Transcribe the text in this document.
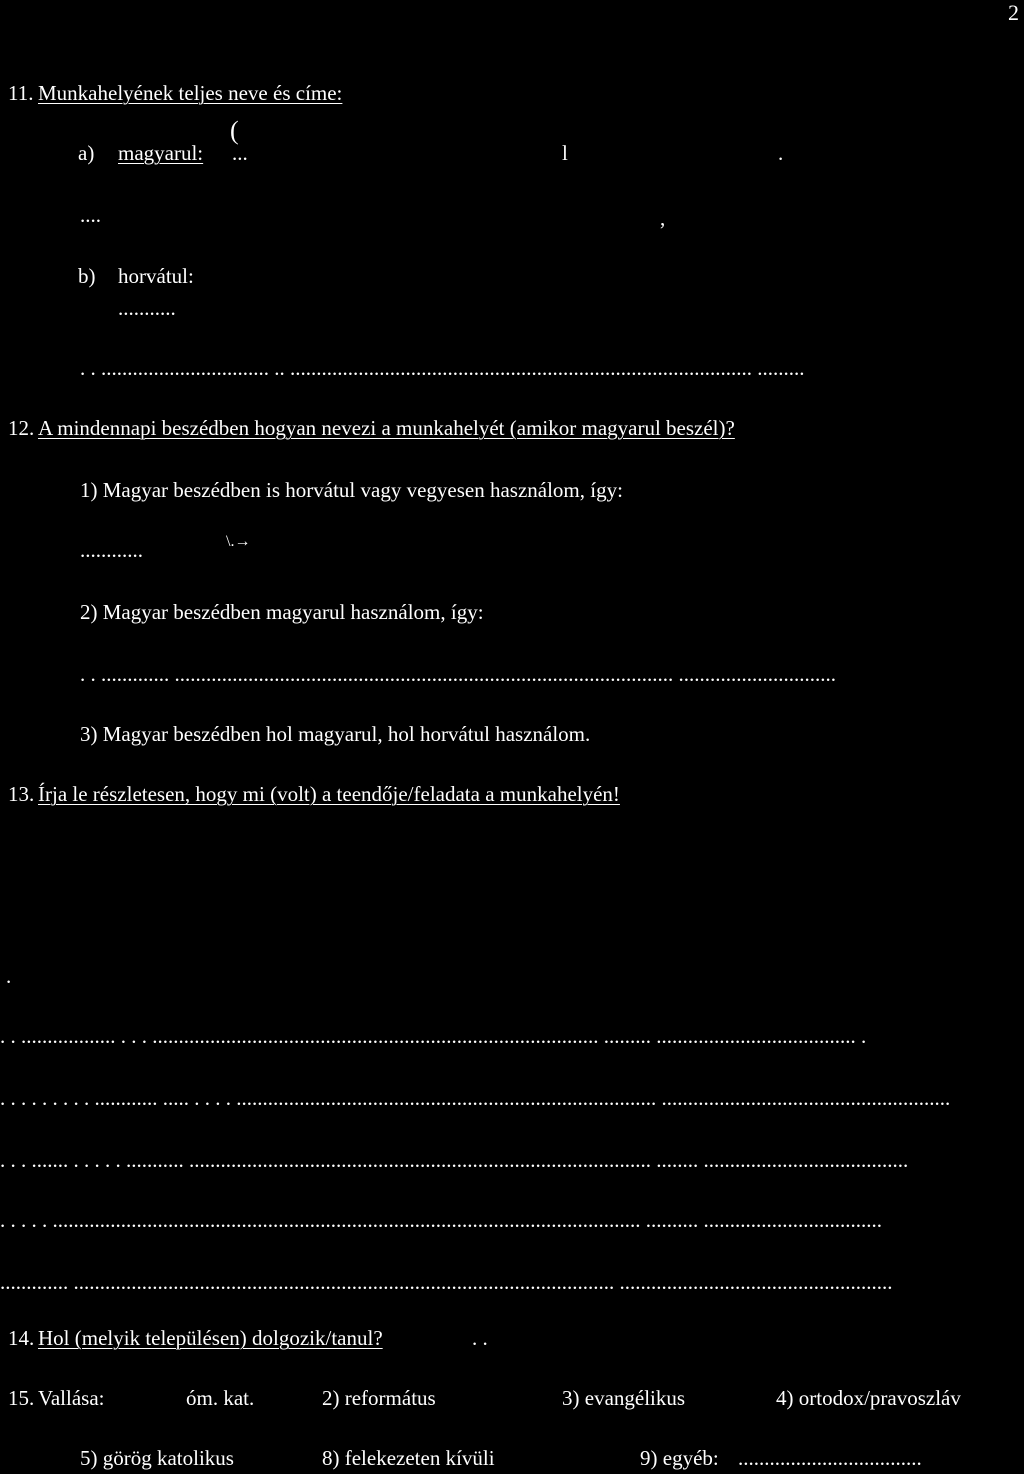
2
11. Munkahelyének teljes neve és címe:
a) magyarul:
(
...	l	.
....	,
b) horvátul:
...........
. . ................................ .. ........................................................................................ .........
12. A mindennapi beszédben hogyan nevezi a munkahelyét (amikor magyarul beszél)?
1) Magyar beszédben is horvátul vagy vegyesen használom, így:
............	\.→
2) Magyar beszédben magyarul használom, így:
. . ............. ............................................................................................... ..............................
3) Magyar beszédben hol magyarul, hol horvátul használom.
13. Írja le részletesen, hogy mi (volt) a teendője/feladata a munkahelyén!
.
. . .................. . . . ..................................................................................... ......... ...................................... .
. . . . . . . . . ............ ..... . . . . ................................................................................ .......................................................
. . . ....... . . . . . ........... ........................................................................................ ........ .......................................
. . . . . ................................................................................................................ .......... ..................................
............. ....................................................................................................... ....................................................
14. Hol (melyik településen) dolgozik/tanul?	. .
15. Vallása:	óm. kat.	2) református	3) evangélikus	4) ortodox/pravoszláv
5) görög katolikus	8) felekezeten kívüli	9) egyéb: ...................................
